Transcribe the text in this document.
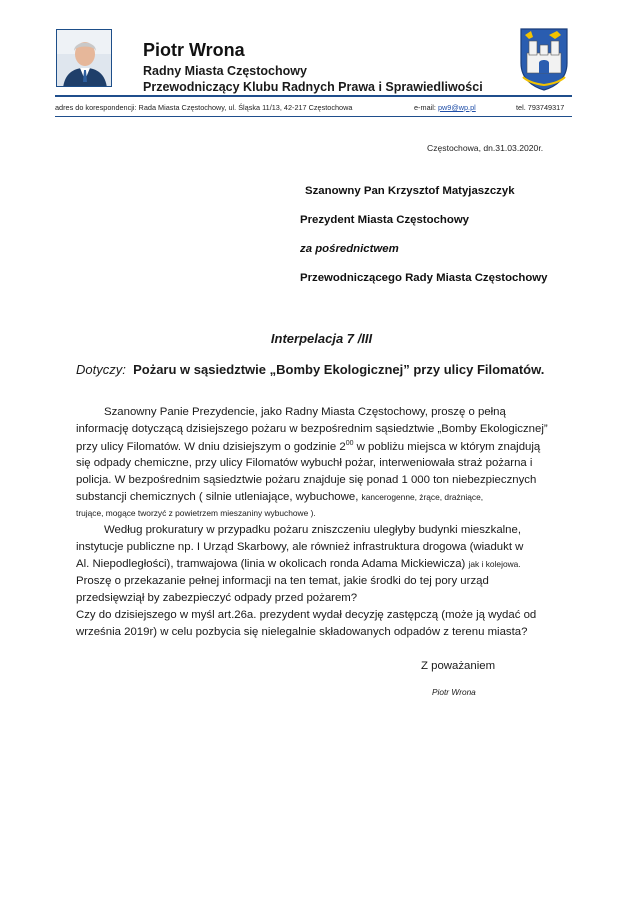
Piotr Wrona
Radny Miasta Częstochowy
Przewodniczący Klubu Radnych Prawa i Sprawiedliwości
adres do korespondencji: Rada Miasta Częstochowy, ul. Śląska 11/13, 42-217 Częstochowa	e-mail: pw9@wp.pl	tel. 793749317
Częstochowa, dn.31.03.2020r.
Szanowny Pan Krzysztof Matyjaszczyk
Prezydent Miasta Częstochowy
za pośrednictwem
Przewodniczącego Rady Miasta Częstochowy
Interpelacja 7 /III
Dotyczy: Pożaru w sąsiedztwie „Bomby Ekologicznej” przy ulicy Filomatów.
Szanowny Panie Prezydencie, jako Radny Miasta Częstochowy, proszę o pełną
informację dotyczącą dzisiejszego pożaru w bezpośrednim sąsiedztwie „Bomby Ekologicznej”
przy ulicy Filomatów. W dniu dzisiejszym o godzinie $2^{00}$ w pobliżu miejsca w którym znajdują
się odpady chemiczne, przy ulicy Filomatów wybuchł pożar, interweniowała straż pożarna i
policja. W bezpośrednim sąsiedztwie pożaru znajduje się ponad 1 000 ton niebezpiecznych
substancji chemicznych ( silnie utleniające, wybuchowe, kancerogenne, żrące, drażniące,
trujące, mogące tworzyć z powietrzem mieszaniny wybuchowe ).
Według prokuratury w przypadku pożaru zniszczeniu uległyby budynki mieszkalne,
instytucje publiczne np. I Urząd Skarbowy, ale również infrastruktura drogowa (wiadukt w
Al. Niepodległości), tramwajowa (linia w okolicach ronda Adama Mickiewicza) jak i kolejowa.
Proszę o przekazanie pełnej informacji na ten temat, jakie środki do tej pory urząd
przedsięwziął by zabezpieczyć odpady przed pożarem?
Czy do dzisiejszego w myśl art.26a. prezydent wydał decyzję zastępczą (może ją wydać od
września 2019r) w celu pozbycia się nielegalnie składowanych odpadów z terenu miasta?
Z poważaniem
Piotr Wrona
